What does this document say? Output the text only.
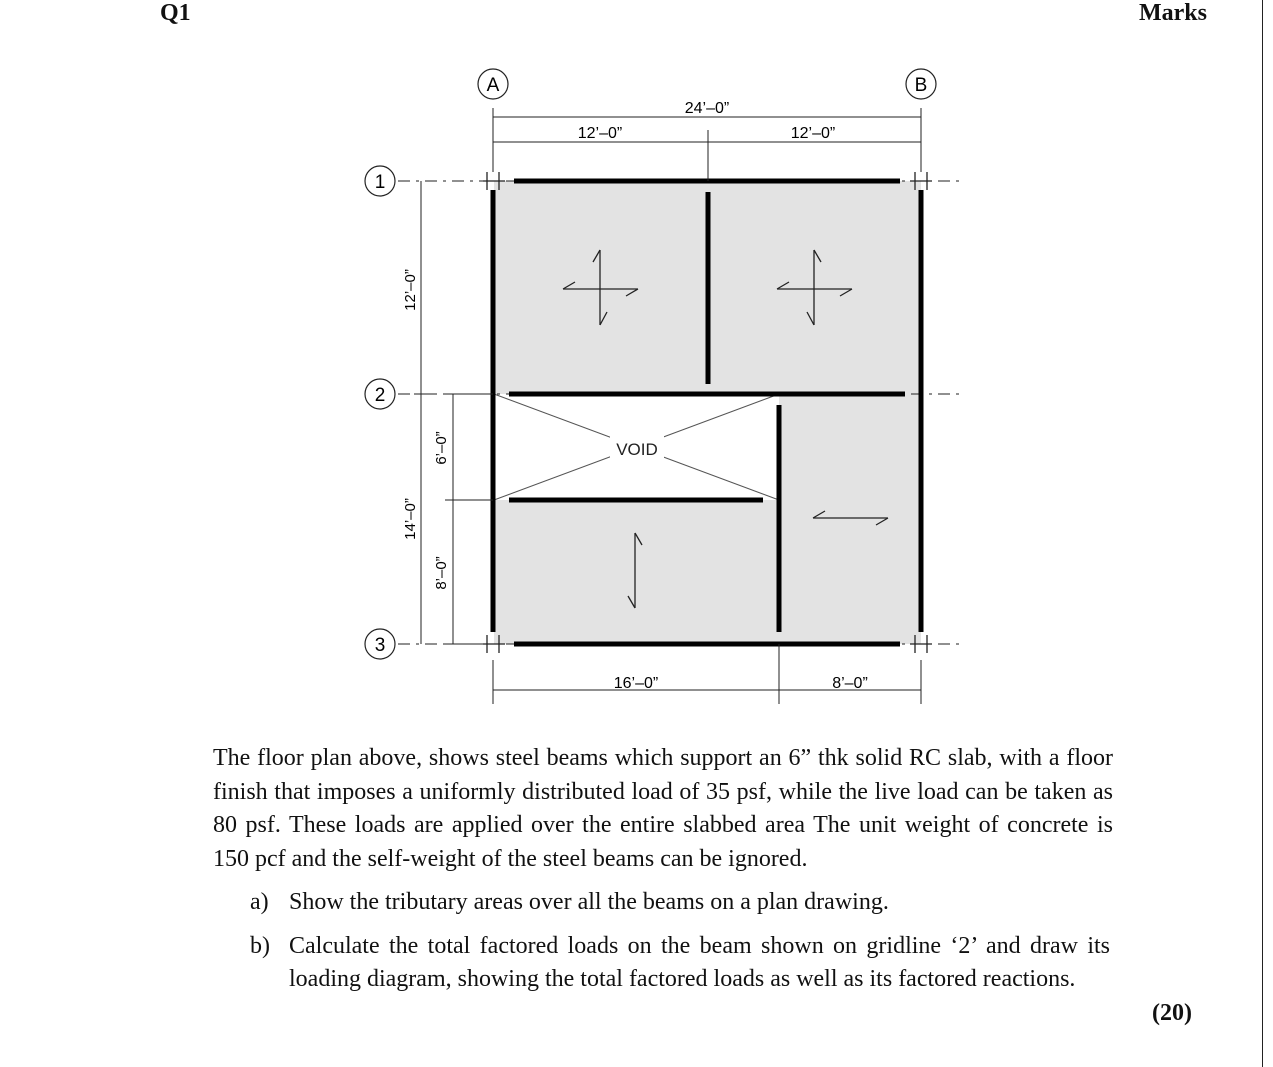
Q1	Marks
VOID
A	B
1
2
3
24’–0”
12’–0”	12’–0”
12’–0”
14’–0”
6’–0”
8’–0”
16’–0”	8’–0”

The floor plan above, shows steel beams which support an 6” thk solid RC slab, with a floor finish that imposes a uniformly distributed load of 35 psf, while the live load can be taken as 80 psf. These loads are applied over the entire slabbed area The unit weight of concrete is 150 pcf and the self-weight of the steel beams can be ignored.

a) Show the tributary areas over all the beams on a plan drawing.
b) Calculate the total factored loads on the beam shown on gridline ‘2’ and draw its loading diagram, showing the total factored loads as well as its factored reactions.
(20)
